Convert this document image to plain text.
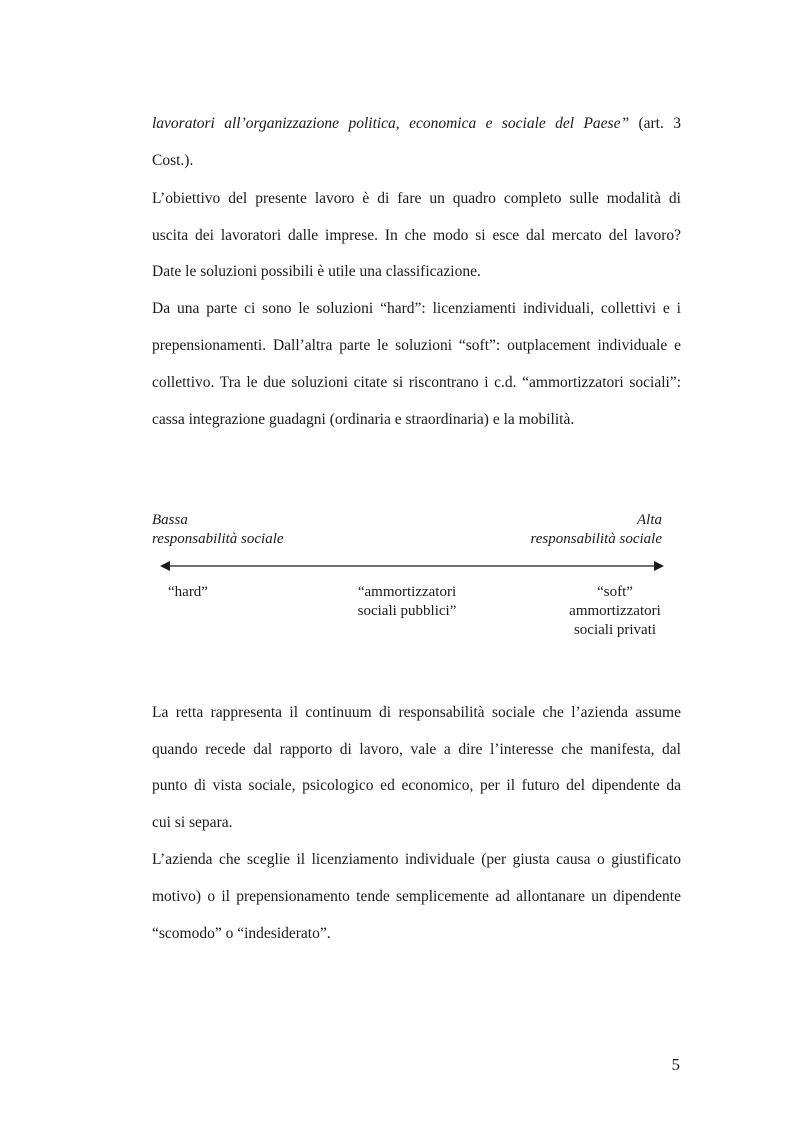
lavoratori all’organizzazione politica, economica e sociale del Paese” (art. 3
Cost.).
L’obiettivo del presente lavoro è di fare un quadro completo sulle modalità di
uscita dei lavoratori dalle imprese. In che modo si esce dal mercato del lavoro?
Date le soluzioni possibili è utile una classificazione.
Da una parte ci sono le soluzioni “hard”: licenziamenti individuali, collettivi e i
prepensionamenti. Dall’altra parte le soluzioni “soft”: outplacement individuale e
collettivo. Tra le due soluzioni citate si riscontrano i c.d. “ammortizzatori sociali”:
cassa integrazione guadagni (ordinaria e straordinaria) e la mobilità.
Bassa
responsabilità sociale
Alta
responsabilità sociale
“hard”	“ammortizzatori
sociali pubblici”
“soft”
ammortizzatori
sociali privati
La retta rappresenta il continuum di responsabilità sociale che l’azienda assume
quando recede dal rapporto di lavoro, vale a dire l’interesse che manifesta, dal
punto di vista sociale, psicologico ed economico, per il futuro del dipendente da
cui si separa.
L’azienda che sceglie il licenziamento individuale (per giusta causa o giustificato
motivo) o il prepensionamento tende semplicemente ad allontanare un dipendente
“scomodo” o “indesiderato”.
5
